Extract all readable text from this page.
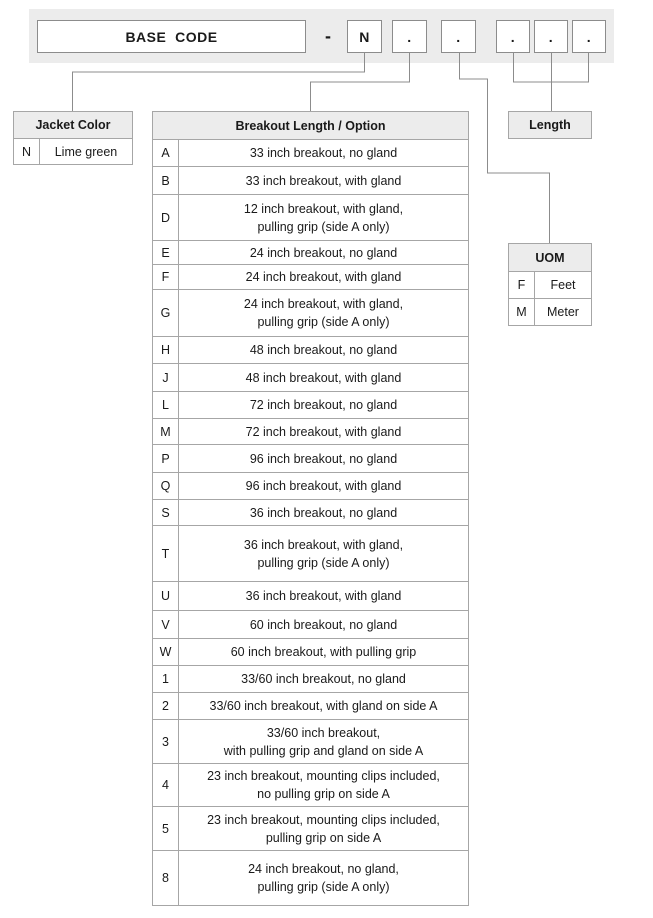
BASE  CODE	- N	.	.	. . .
Jacket Color
N	Lime green
Breakout Length / Option	
A	33 inch breakout, no gland

B	33 inch breakout, with gland

D	12 inch breakout, with gland,
pulling grip (side A only)

E	24 inch breakout, no gland

F	24 inch breakout, with gland

G	24 inch breakout, with gland,
pulling grip (side A only)

H	48 inch breakout, no gland

J	48 inch breakout, with gland

L	72 inch breakout, no gland

M	72 inch breakout, with gland

P	96 inch breakout, no gland

Q	96 inch breakout, with gland

S	36 inch breakout, no gland

T	36 inch breakout, with gland,
pulling grip (side A only)

U	36 inch breakout, with gland

V	60 inch breakout, no gland

W	60 inch breakout, with pulling grip

1	33/60 inch breakout, no gland

2	33/60 inch breakout, with gland on side A

3	33/60 inch breakout,
with pulling grip and gland on side A

4	23 inch breakout, mounting clips included,
no pulling grip on side A

5	23 inch breakout, mounting clips included,
pulling grip on side A

8	24 inch breakout, no gland,
pulling grip (side A only)
Length
UOM	
F	Feet
M	Meter
